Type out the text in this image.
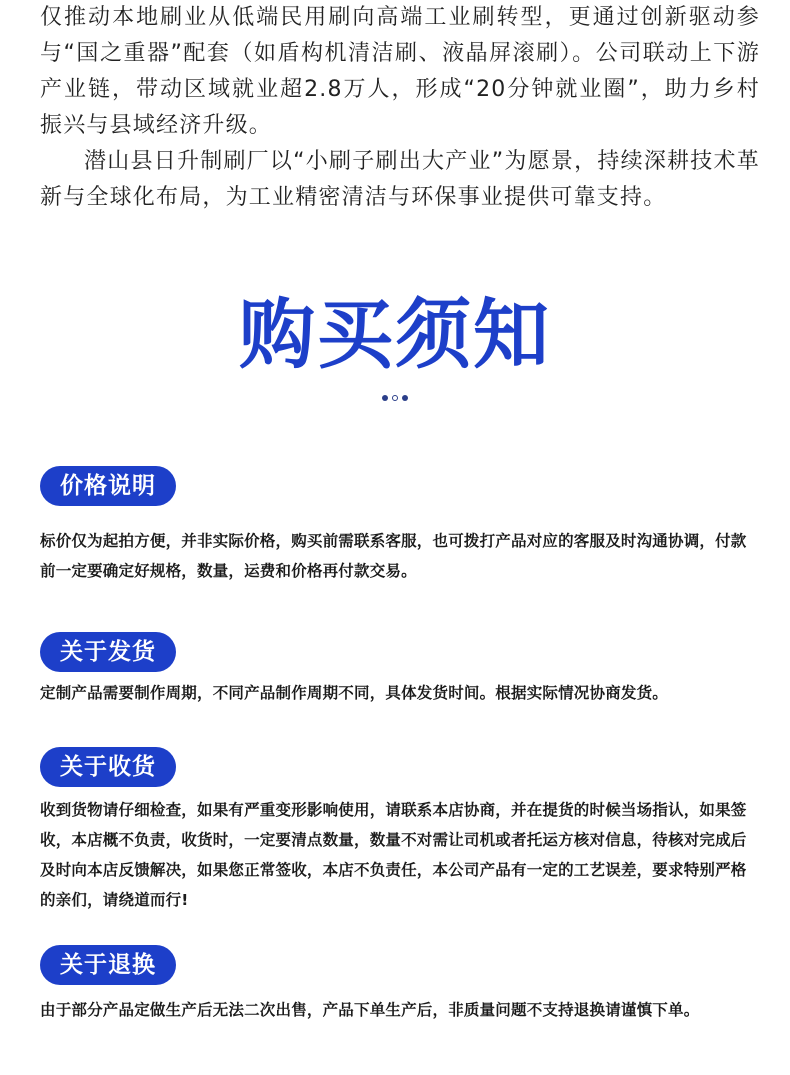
仅推动本地刷业从低端民用刷向高端工业刷转型，更通过创新驱动参与“国之重器”配套（如盾构机清洁刷、液晶屏滚刷）。公司联动上下游产业链，带动区域就业超2.8万人，形成“20分钟就业圈”，助力乡村振兴与县域经济升级。

潜山县日升制刷厂以“小刷子刷出大产业”为愿景，持续深耕技术革新与全球化布局，为工业精密清洁与环保事业提供可靠支持。

购买须知
价格说明

标价仅为起拍方便，并非实际价格，购买前需联系客服，也可拨打产品对应的客服及时沟通协调，付款前一定要确定好规格，数量，运费和价格再付款交易。

关于发货

定制产品需要制作周期，不同产品制作周期不同，具体发货时间。根据实际情况协商发货。

关于收货

收到货物请仔细检查，如果有严重变形影响使用，请联系本店协商，并在提货的时候当场指认，如果签收，本店概不负责，收货时，一定要清点数量，数量不对需让司机或者托运方核对信息，待核对完成后及时向本店反馈解决，如果您正常签收，本店不负责任，本公司产品有一定的工艺误差，要求特别严格的亲们，请绕道而行!

关于退换

由于部分产品定做生产后无法二次出售，产品下单生产后，非质量问题不支持退换请谨慎下单。
